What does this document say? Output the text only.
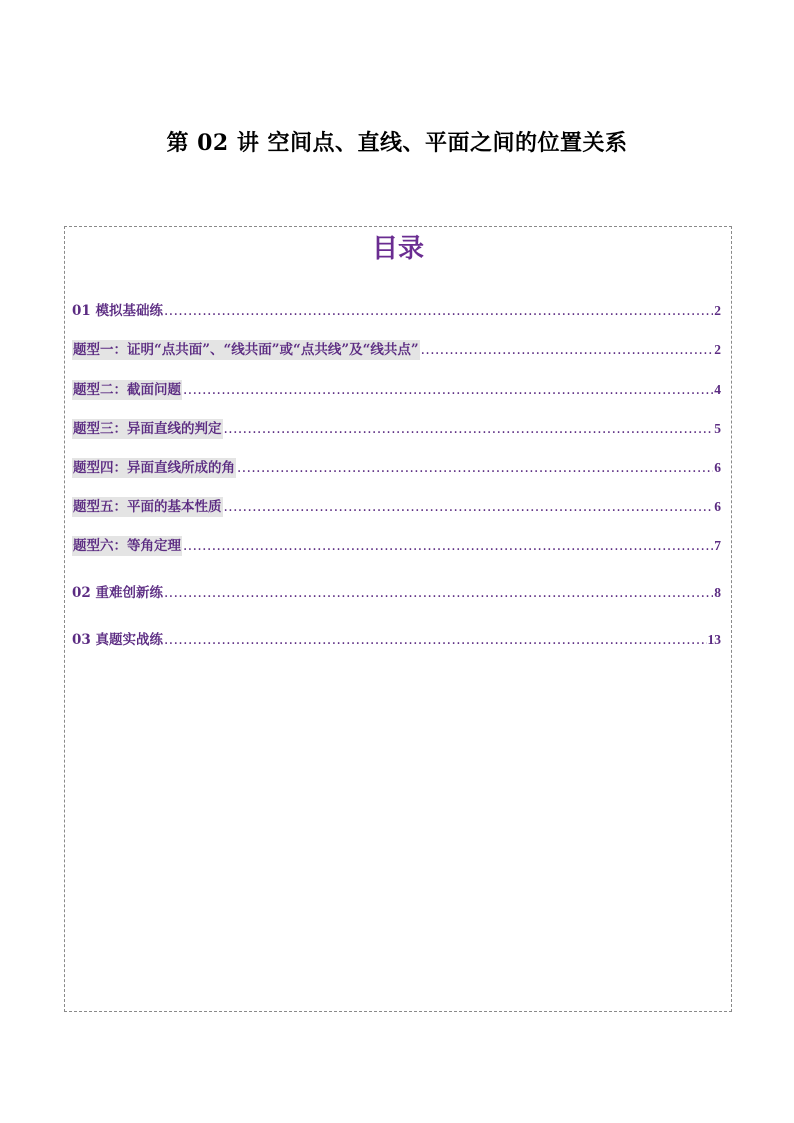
第 02 讲 空间点、直线、平面之间的位置关系
目录
01 模拟基础练 .....	2
题型一：证明“点共面”、“线共面”或“点共线”及“线共点” .....	2
题型二：截面问题 .....	4
题型三：异面直线的判定 .....	5
题型四：异面直线所成的角 .....	6
题型五：平面的基本性质 .....	6
题型六：等角定理 .....	7
02 重难创新练 .....	8
03 真题实战练 .....	13
